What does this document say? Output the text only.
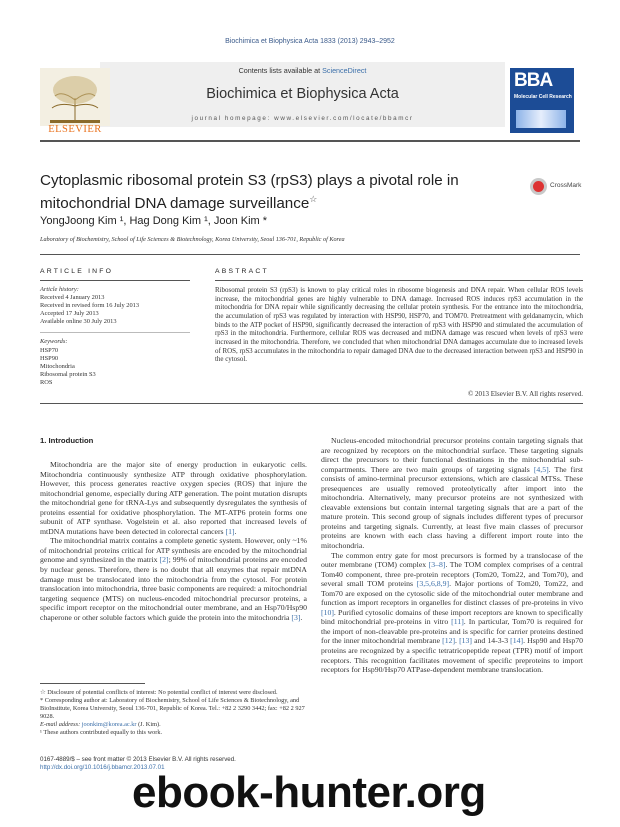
Biochimica et Biophysica Acta 1833 (2013) 2943–2952
Contents lists available at ScienceDirect
Biochimica et Biophysica Acta
journal homepage: www.elsevier.com/locate/bbamcr
ELSEVIER
BBA
Molecular Cell Research
Cytoplasmic ribosomal protein S3 (rpS3) plays a pivotal role in
mitochondrial DNA damage surveillance☆
CrossMark
YongJoong Kim ¹, Hag Dong Kim ¹, Joon Kim *
Laboratory of Biochemistry, School of Life Sciences & Biotechnology, Korea University, Seoul 136-701, Republic of Korea
ARTICLE INFO	ABSTRACT
Article history:
Received 4 January 2013
Received in revised form 16 July 2013
Accepted 17 July 2013
Available online 30 July 2013
Keywords:
HSP70
HSP90
Mitochondria
Ribosomal protein S3
ROS
Ribosomal protein S3 (rpS3) is known to play critical roles in ribosome biogenesis and DNA repair. When cellular ROS levels increase, the mitochondrial genes are highly vulnerable to DNA damage. Increased ROS induces rpS3 accumulation in the mitochondria for DNA repair while significantly decreasing the cellular protein synthesis. For the entrance into the mitochondria, the accumulation of rpS3 was regulated by interaction with HSP90, HSP70, and TOM70. Pretreatment with geldanamycin, which binds to the ATP pocket of HSP90, significantly decreased the interaction of rpS3 with HSP90 and stimulated the accumulation of rpS3 in the mitochondria. Furthermore, cellular ROS was decreased and mtDNA damage was rescued when levels of rpS3 were increased in the mitochondria. Therefore, we concluded that when mitochondrial DNA damages accumulate due to increased levels of ROS, rpS3 accumulates in the mitochondria to repair damaged DNA due to the decreased interaction between rpS3 and HSP90 in the cytosol.
© 2013 Elsevier B.V. All rights reserved.
1. Introduction

Mitochondria are the major site of energy production in eukaryotic cells. Mitochondria continuously synthesize ATP through oxidative phosphorylation. However, this process generates reactive oxygen species (ROS) that injure the mitochondrial genome, especially during ATP generation. The point mutation disrupts the mitochondrial gene for tRNA-Lys and subsequently dysregulates the synthesis of proteins essential for oxidative phosphorylation. The MT-ATP6 protein forms one subunit of ATP synthase. Vogelstein et al. also reported that increased levels of mtDNA mutations have been detected in colorectal cancers [1].

The mitochondrial matrix contains a complete genetic system. However, only ~1% of mitochondrial proteins critical for ATP synthesis are encoded by the mitochondrial genome and synthesized in the matrix [2]; 99% of mitochondrial proteins are encoded by nuclear genes. Therefore, there is no doubt that all enzymes that repair mtDNA damage must be translocated into the mitochondria from the cytosol. For protein translocation into mitochondria, three basic components are required: a mitochondrial targeting sequence (MTS) on nucleus-encoded mitochondrial precursor proteins, a specific import receptor on the mitochondrial outer membrane, and an Hsp70/Hsp90 chaperone or other soluble factors which guide the protein into the mitochondria [3].

Nucleus-encoded mitochondrial precursor proteins contain targeting signals that are recognized by receptors on the mitochondrial surface. These targeting signals direct the precursors to their functional destinations in the mitochondrial sub-compartments. There are two main groups of targeting signals [4,5]. The first consists of amino-terminal precursor extensions, which are classical MTSs. These presequences are usually removed proteolytically after import into the mitochondria. Alternatively, many precursor proteins are not synthesized with cleavable extensions but contain internal targeting signals that are a part of the mature protein. This second group of signals includes different types of precursor proteins and targeting signals. Currently, at least five main classes of precursor proteins are known with each class having a different import route into the mitochondria.

The common entry gate for most precursors is formed by a translocase of the outer membrane (TOM) complex [3–8]. The TOM complex comprises of a central Tom40 component, three pre-protein receptors (Tom20, Tom22, and Tom70), and several small TOM proteins [3,5,6,8,9]. Major portions of Tom20, Tom22, and Tom70 are exposed on the cytosolic side of the mitochondrial outer membrane and function as import receptors in organelles for distinct classes of pre-proteins in vivo [10]. Purified cytosolic domains of these import receptors are known to specifically bind mitochondrial pre-proteins in vitro [11]. In particular, Tom70 is required for the import of non-cleavable pre-proteins and is specific for carrier proteins destined for the inner mitochondrial membrane [12]. [13] and 14-3-3 [14]. Hsp90 and Hsp70 proteins are recognized by a specific tetratricopeptide repeat (TPR) motif of import receptors. This recognition facilitates movement of specific preproteins to import receptors for Hsp90/Hsp70 ATPase-dependent membrane translocation.

☆ Disclosure of potential conflicts of interest: No potential conflict of interest were disclosed.
* Corresponding author at: Laboratory of Biochemistry, School of Life Sciences & Biotechnology, and BioInstitute, Korea University, Seoul 136-701, Republic of Korea. Tel.: +82 2 3290 3442; fax: +82 2 927 9028.
E-mail address: joonkim@korea.ac.kr (J. Kim).
¹ These authors contributed equally to this work.
0167-4889/$ – see front matter © 2013 Elsevier B.V. All rights reserved.
http://dx.doi.org/10.1016/j.bbamcr.2013.07.01
ebook-hunter.org
